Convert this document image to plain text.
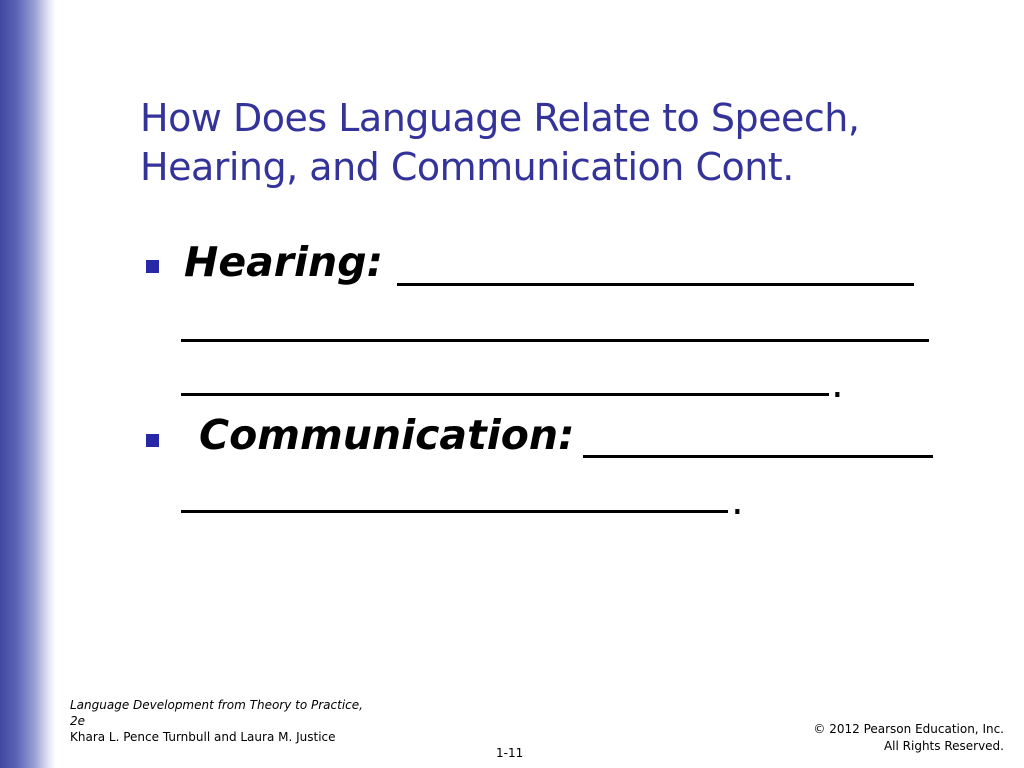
How Does Language Relate to Speech,
Hearing, and Communication Cont.
Hearing:
.
Communication:
.
Language Development from Theory to Practice, 2e
Khara L. Pence Turnbull and Laura M. Justice
© 2012 Pearson Education, Inc.
All Rights Reserved.
1-11
